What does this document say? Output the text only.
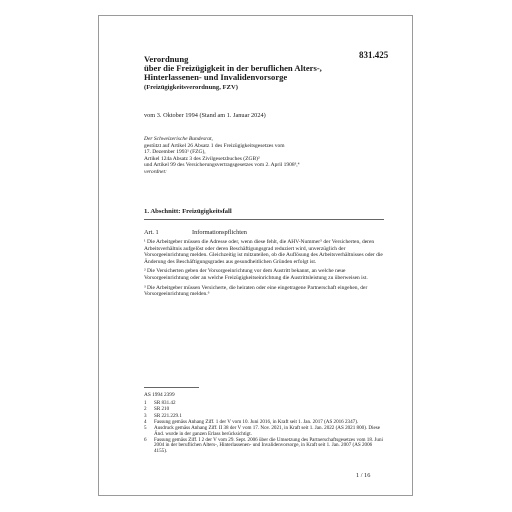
831.425
Verordnung
über die Freizügigkeit in der beruflichen Alters-,
Hinterlassenen- und Invalidenvorsorge
(Freizügigkeitsverordnung, FZV)
vom 3. Oktober 1994 (Stand am 1. Januar 2024)
Der Schweizerische Bundesrat,
gestützt auf Artikel 26 Absatz 1 des Freizügigkeitsgesetzes vom
17. Dezember 1993¹ (FZG),
Artikel 124a Absatz 3 des Zivilgesetzbuches (ZGB)²
und Artikel 99 des Versicherungsvertragsgesetzes vom 2. April 1908³,⁴
verordnet:
1. Abschnitt: Freizügigkeitsfall
Art. 1	Informationspflichten

¹ Die Arbeitgeber müssen die Adresse oder, wenn diese fehlt, die AHV-Nummer⁵ der Versicherten, deren Arbeitsverhältnis aufgelöst oder deren Beschäftigungsgrad reduziert wird, unverzüglich der Vorsorgeeinrichtung melden. Gleichzeitig ist mitzuteilen, ob die Auflösung des Arbeitsverhältnisses oder die Änderung des Beschäftigungsgrades aus gesundheitlichen Gründen erfolgt ist.

² Die Versicherten geben der Vorsorgeeinrichtung vor dem Austritt bekannt, an welche neue Vorsorgeeinrichtung oder an welche Freizügigkeitseinrichtung die Austrittsleistung zu überweisen ist.

³ Die Arbeitgeber müssen Versicherte, die heiraten oder eine eingetragene Partnerschaft eingehen, der Vorsorgeeinrichtung melden.⁶

AS 1994 2399
1	SR 831.42
2	SR 210
3	SR 221.229.1
4	Fassung gemäss Anhang Ziff. 1 der V vom 10. Juni 2016, in Kraft seit 1. Jan. 2017 (AS 2016 2347).
5	Ausdruck gemäss Anhang Ziff. II 38 der V vom 17. Nov. 2021, in Kraft seit 1. Jan. 2022 (AS 2021 800). Diese Änd. wurde in der ganzen Erlass berücksichtigt.
6	Fassung gemäss Ziff. I 2 der V vom 29. Sept. 2006 über die Umsetzung des Partnerschaftsgesetzes vom 18. Juni 2004 in der beruflichen Alters-, Hinterlassenen- und Invalidenvorsorge, in Kraft seit 1. Jan. 2007 (AS 2006 4155).
1 / 16
